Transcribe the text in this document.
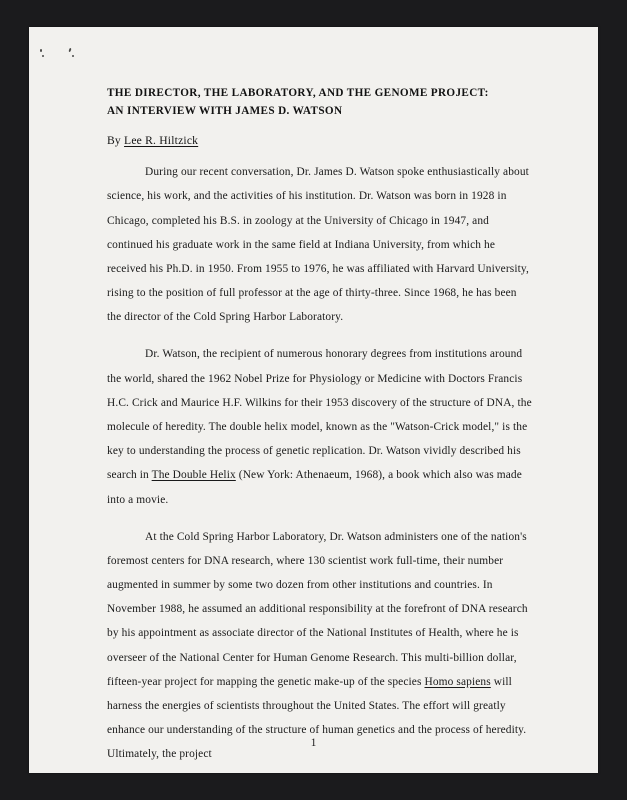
THE DIRECTOR, THE LABORATORY, AND THE GENOME PROJECT:
AN INTERVIEW WITH JAMES D. WATSON
By Lee R. Hiltzick

During our recent conversation, Dr. James D. Watson spoke enthusiastically about science, his work, and the activities of his institution. Dr. Watson was born in 1928 in Chicago, completed his B.S. in zoology at the University of Chicago in 1947, and continued his graduate work in the same field at Indiana University, from which he received his Ph.D. in 1950. From 1955 to 1976, he was affiliated with Harvard University, rising to the position of full professor at the age of thirty-three. Since 1968, he has been the director of the Cold Spring Harbor Laboratory.

Dr. Watson, the recipient of numerous honorary degrees from institutions around the world, shared the 1962 Nobel Prize for Physiology or Medicine with Doctors Francis H.C. Crick and Maurice H.F. Wilkins for their 1953 discovery of the structure of DNA, the molecule of heredity. The double helix model, known as the "Watson-Crick model," is the key to understanding the process of genetic replication. Dr. Watson vividly described his search in The Double Helix (New York: Athenaeum, 1968), a book which also was made into a movie.

At the Cold Spring Harbor Laboratory, Dr. Watson administers one of the nation's foremost centers for DNA research, where 130 scientist work full-time, their number augmented in summer by some two dozen from other institutions and countries. In November 1988, he assumed an additional responsibility at the forefront of DNA research by his appointment as associate director of the National Institutes of Health, where he is overseer of the National Center for Human Genome Research. This multi-billion dollar, fifteen-year project for mapping the genetic make-up of the species Homo sapiens will harness the energies of scientists throughout the United States. The effort will greatly enhance our understanding of the structure of human genetics and the process of heredity. Ultimately, the project

1
